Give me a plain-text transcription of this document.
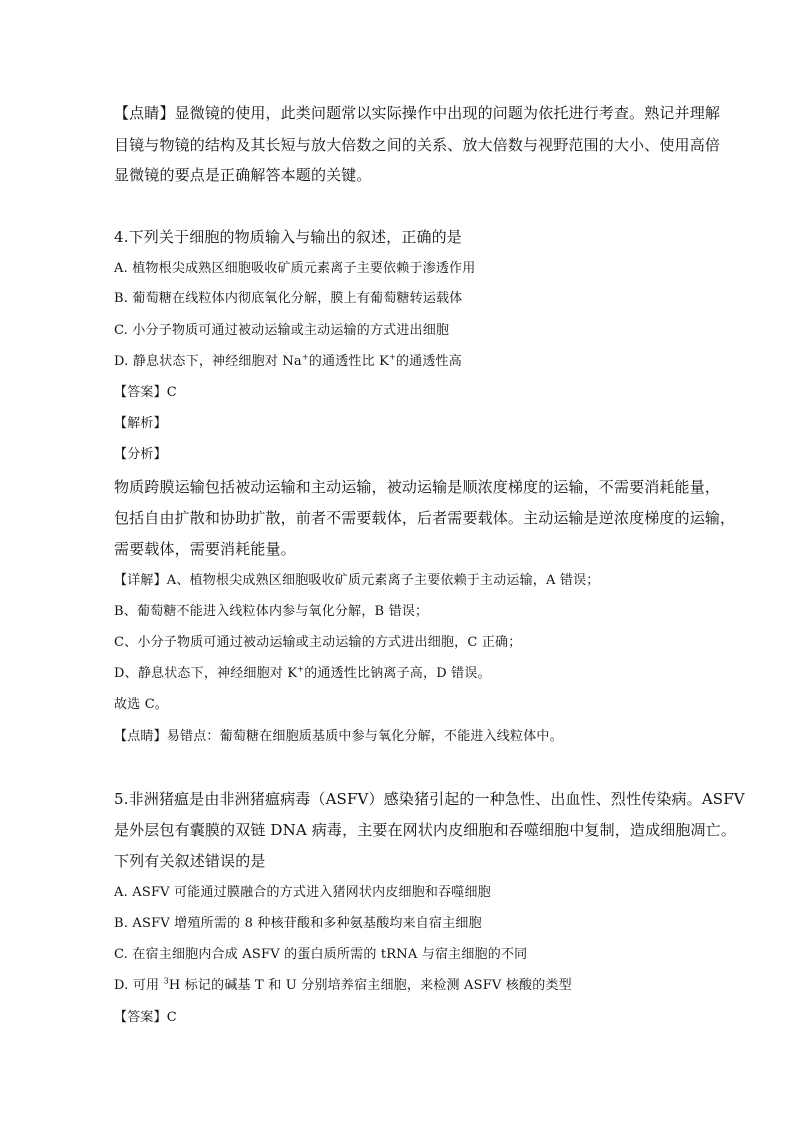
【点睛】显微镜的使用，此类问题常以实际操作中出现的问题为依托进行考查。熟记并理解
目镜与物镜的结构及其长短与放大倍数之间的关系、放大倍数与视野范围的大小、使用高倍
显微镜的要点是正确解答本题的关键。
4.下列关于细胞的物质输入与输出的叙述，正确的是
A. 植物根尖成熟区细胞吸收矿质元素离子主要依赖于渗透作用
B. 葡萄糖在线粒体内彻底氧化分解，膜上有葡萄糖转运载体
C. 小分子物质可通过被动运输或主动运输的方式进出细胞
D. 静息状态下，神经细胞对 Na+的通透性比 K+的通透性高
【答案】C
【解析】
【分析】
物质跨膜运输包括被动运输和主动运输，被动运输是顺浓度梯度的运输，不需要消耗能量，
包括自由扩散和协助扩散，前者不需要载体，后者需要载体。主动运输是逆浓度梯度的运输，
需要载体，需要消耗能量。
【详解】A、植物根尖成熟区细胞吸收矿质元素离子主要依赖于主动运输，A 错误；
B、葡萄糖不能进入线粒体内参与氧化分解，B 错误；
C、小分子物质可通过被动运输或主动运输的方式进出细胞，C 正确；
D、静息状态下，神经细胞对 K+的通透性比钠离子高，D 错误。
故选 C。
【点睛】易错点：葡萄糖在细胞质基质中参与氧化分解，不能进入线粒体中。
5.非洲猪瘟是由非洲猪瘟病毒（ASFV）感染猪引起的一种急性、出血性、烈性传染病。ASFV
是外层包有囊膜的双链 DNA 病毒，主要在网状内皮细胞和吞噬细胞中复制，造成细胞凋亡。
下列有关叙述错误的是
A. ASFV 可能通过膜融合的方式进入猪网状内皮细胞和吞噬细胞
B. ASFV 增殖所需的 8 种核苷酸和多种氨基酸均来自宿主细胞
C. 在宿主细胞内合成 ASFV 的蛋白质所需的 tRNA 与宿主细胞的不同
D. 可用 $^3$H 标记的碱基 T 和 U 分别培养宿主细胞，来检测 ASFV 核酸的类型
【答案】C
